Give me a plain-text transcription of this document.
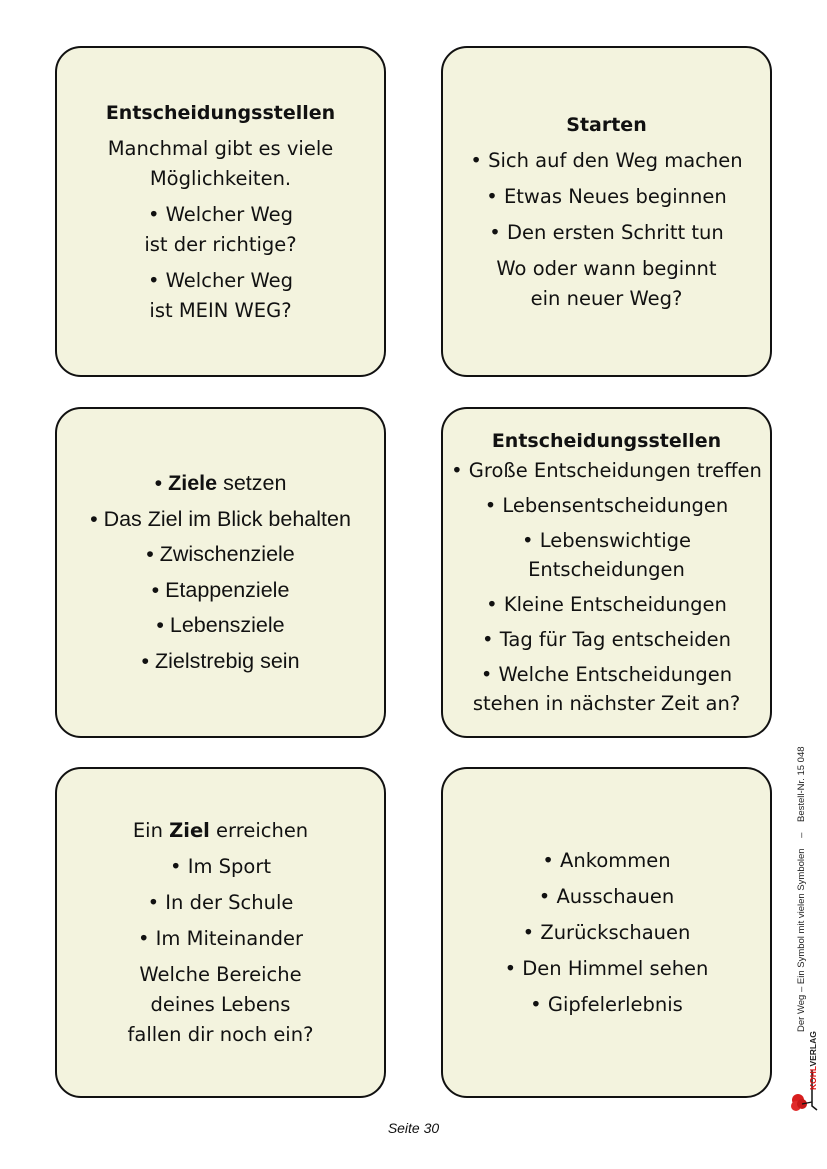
Entscheidungsstellen
Manchmal gibt es viele
Möglichkeiten.
• Welcher Weg
ist der richtige?
• Welcher Weg
ist MEIN WEG?
Starten
• Sich auf den Weg machen
• Etwas Neues beginnen
• Den ersten Schritt tun
Wo oder wann beginnt
ein neuer Weg?
• Ziele setzen
• Das Ziel im Blick behalten
• Zwischenziele
• Etappenziele
• Lebensziele
• Zielstrebig sein
Entscheidungsstellen
• Große Entscheidungen treffen
• Lebensentscheidungen
• Lebenswichtige
Entscheidungen
• Kleine Entscheidungen
• Tag für Tag entscheiden
• Welche Entscheidungen
stehen in nächster Zeit an?
Ein Ziel erreichen
• Im Sport
• In der Schule
• Im Miteinander
Welche Bereiche
deines Lebens
fallen dir noch ein?
• Ankommen
• Ausschauen
• Zurückschauen
• Den Himmel sehen
• Gipfelerlebnis	Der Weg – Ein Symbol mit vielen Symbolen    –    Bestell-Nr. 15 048
KOHLVERLAG
Seite 30
